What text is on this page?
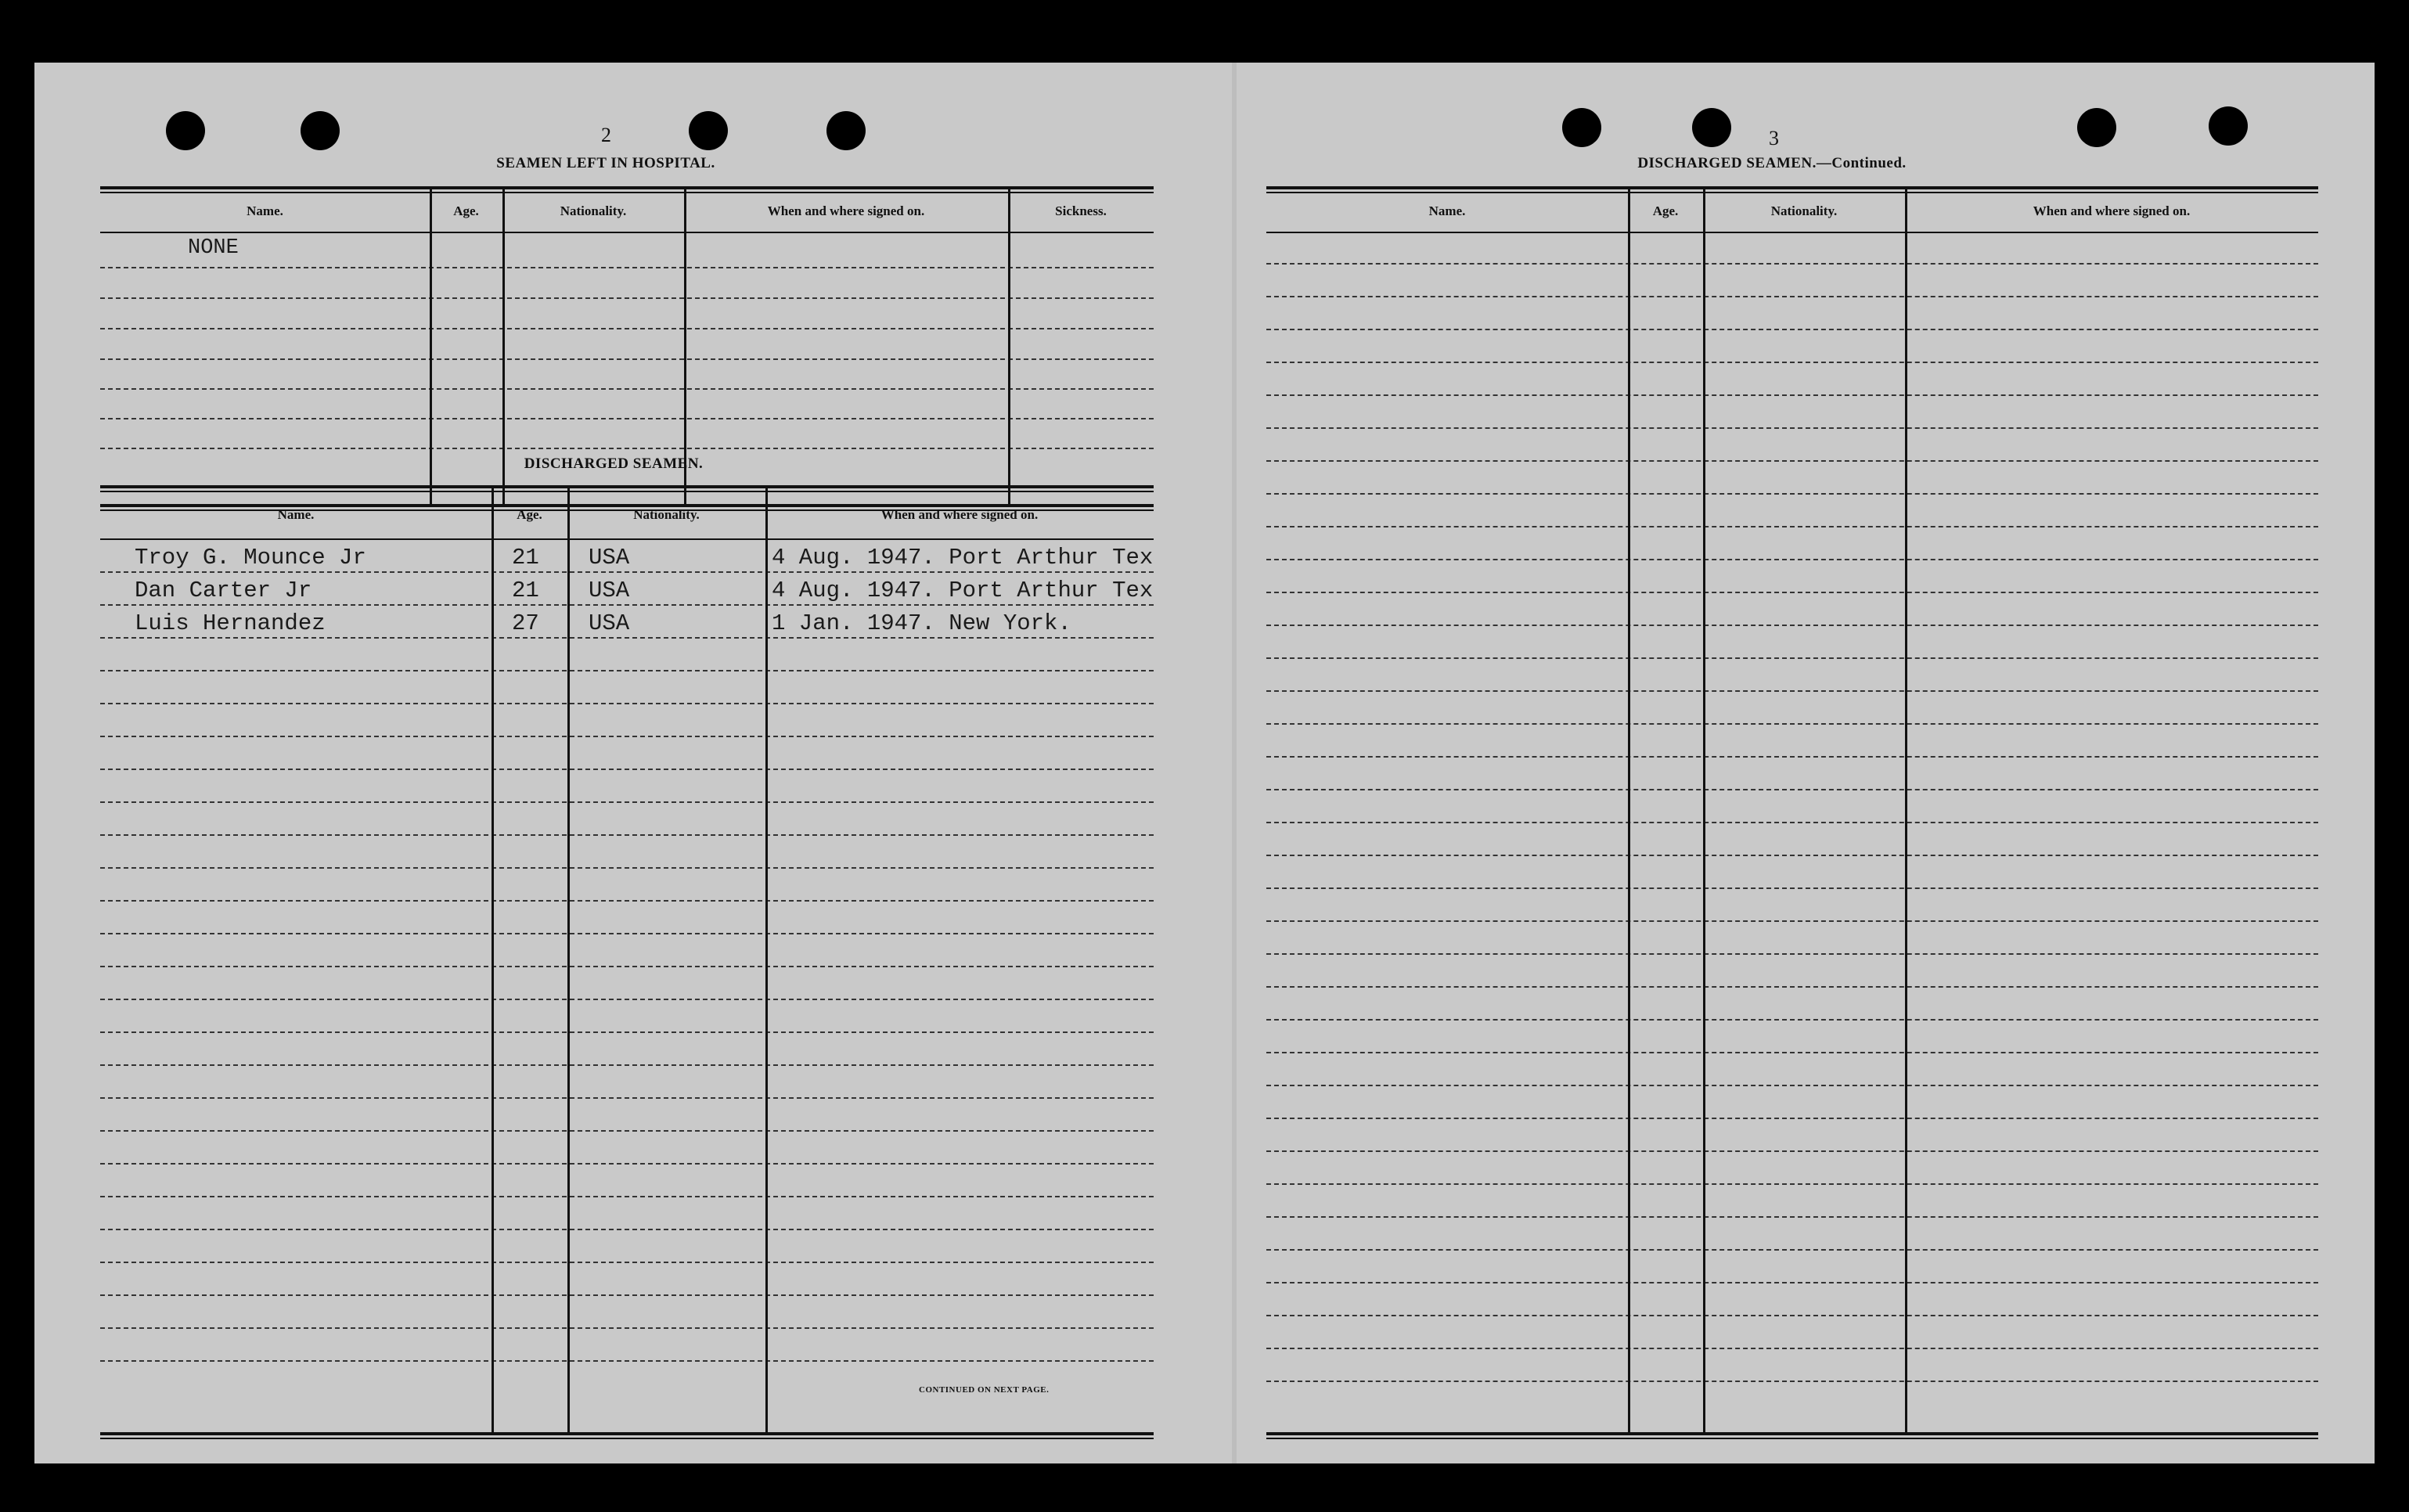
2
SEAMEN LEFT IN HOSPITAL.
Name.	Age.	Nationality.	When and where signed on.	Sickness.
NONE
DISCHARGED SEAMEN.
Name.	Age.	Nationality.	When and where signed on.
Troy G. Mounce Jr	21 USA	4 Aug. 1947. Port Arthur Tex
Dan Carter Jr	21 USA	4 Aug. 1947. Port Arthur Tex
Luis Hernandez	27 USA	1 Jan. 1947. New York.
CONTINUED ON NEXT PAGE.
3
DISCHARGED SEAMEN.—Continued.
Name.	Age.	Nationality.	When and where signed on.
